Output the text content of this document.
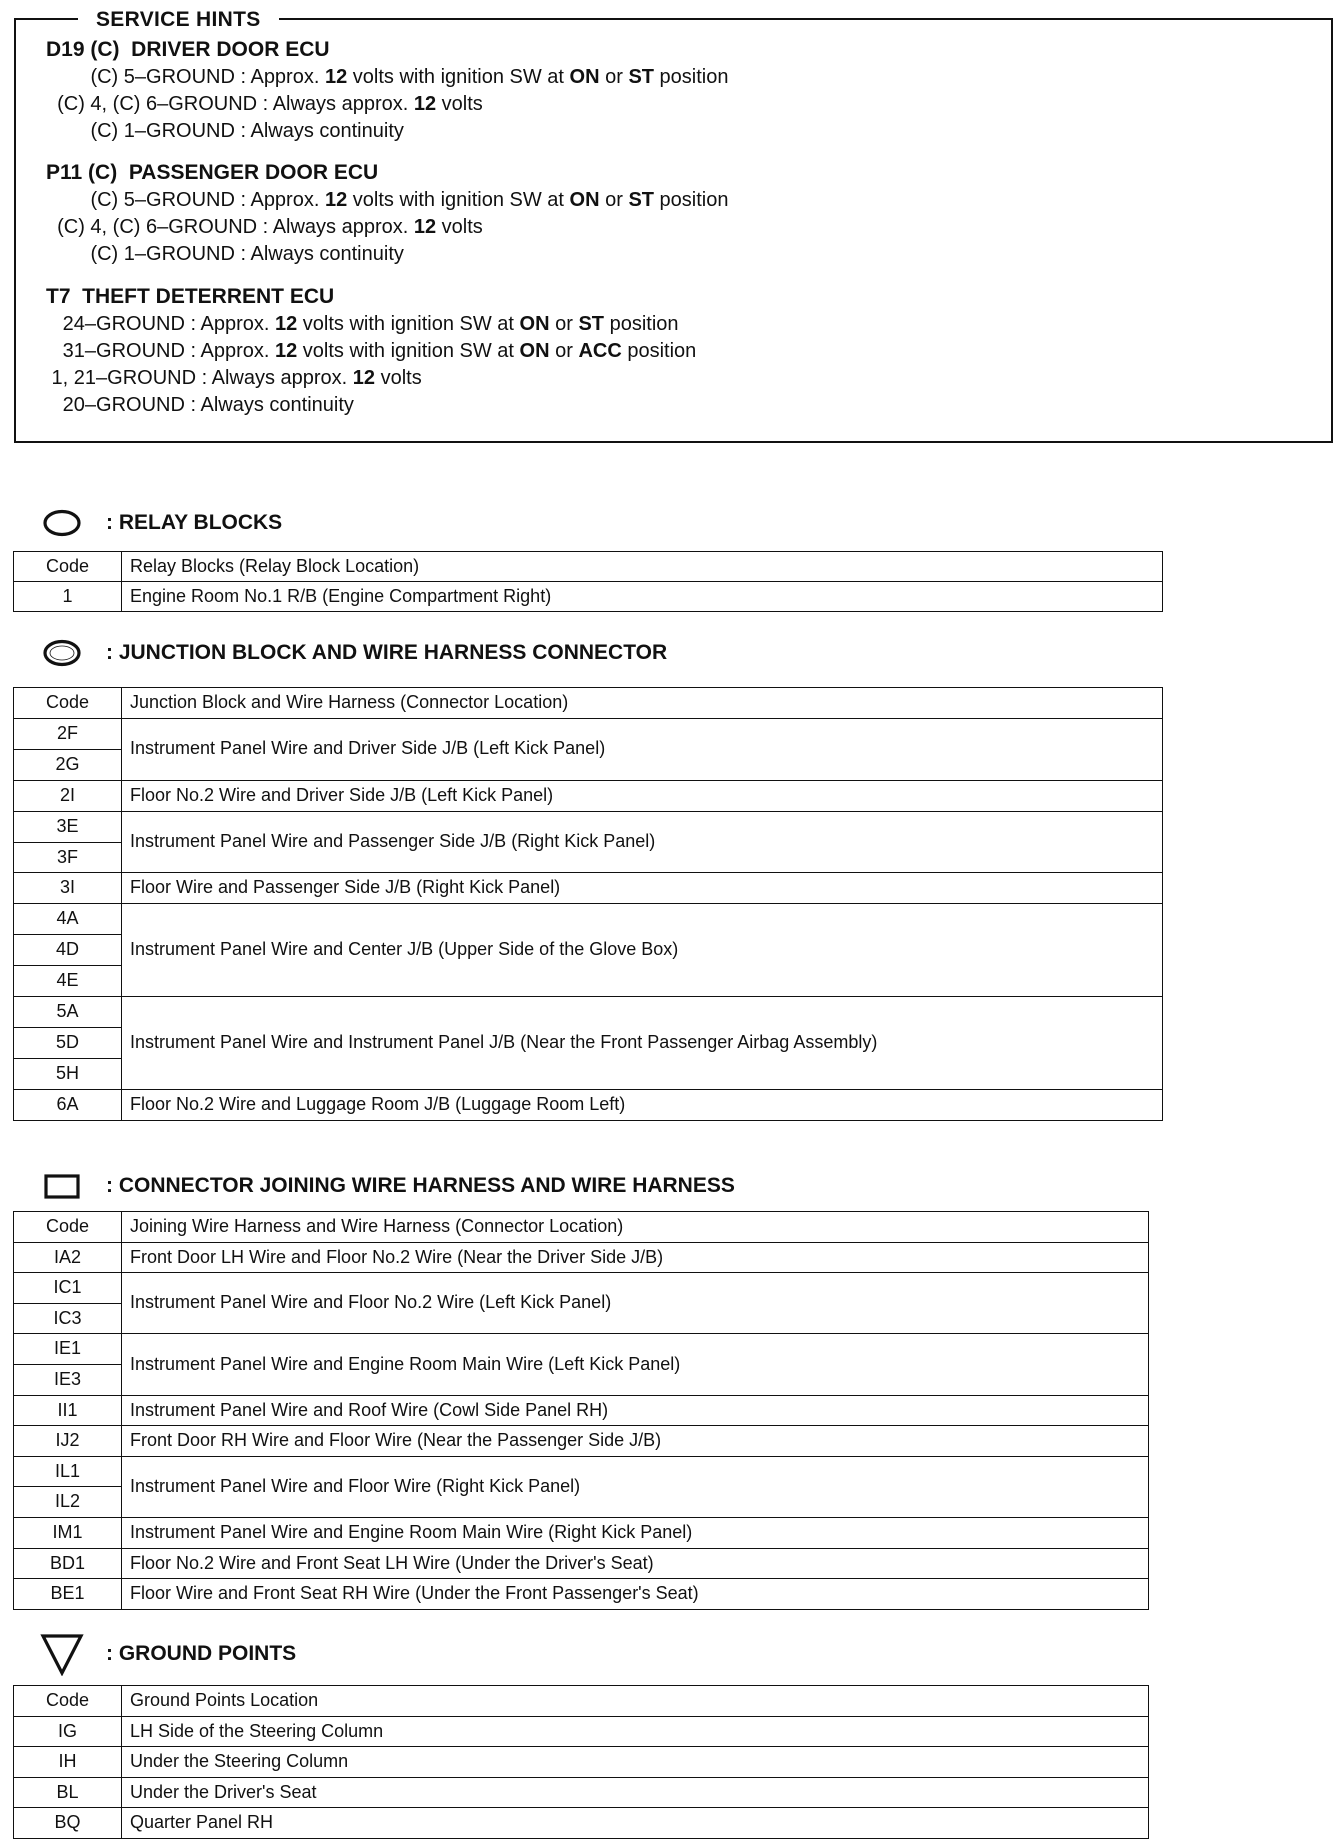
SERVICE HINTS
D19 (C)  DRIVER DOOR ECU
(C) 5–GROUND : Approx. 12 volts with ignition SW at ON or ST position
(C) 4, (C) 6–GROUND : Always approx. 12 volts
(C) 1–GROUND : Always continuity
P11 (C)  PASSENGER DOOR ECU
(C) 5–GROUND : Approx. 12 volts with ignition SW at ON or ST position
(C) 4, (C) 6–GROUND : Always approx. 12 volts
(C) 1–GROUND : Always continuity
T7  THEFT DETERRENT ECU
24–GROUND : Approx. 12 volts with ignition SW at ON or ST position
31–GROUND : Approx. 12 volts with ignition SW at ON or ACC position
1, 21–GROUND : Always approx. 12 volts
20–GROUND : Always continuity
: RELAY BLOCKS
Code	Relay Blocks (Relay Block Location)
1	Engine Room No.1 R/B (Engine Compartment Right)
: JUNCTION BLOCK AND WIRE HARNESS CONNECTOR
Code	Junction Block and Wire Harness (Connector Location)
2F	Instrument Panel Wire and Driver Side J/B (Left Kick Panel)
2G	
2I	Floor No.2 Wire and Driver Side J/B (Left Kick Panel)
3E	Instrument Panel Wire and Passenger Side J/B (Right Kick Panel)
3F	
3I	Floor Wire and Passenger Side J/B (Right Kick Panel)
4A	Instrument Panel Wire and Center J/B (Upper Side of the Glove Box)
4D	
4E	
5A	Instrument Panel Wire and Instrument Panel J/B (Near the Front Passenger Airbag Assembly)
5D	
5H	
6A	Floor No.2 Wire and Luggage Room J/B (Luggage Room Left)
: CONNECTOR JOINING WIRE HARNESS AND WIRE HARNESS
Code	Joining Wire Harness and Wire Harness (Connector Location)
IA2	Front Door LH Wire and Floor No.2 Wire (Near the Driver Side J/B)
IC1	Instrument Panel Wire and Floor No.2 Wire (Left Kick Panel)
IC3	
IE1	Instrument Panel Wire and Engine Room Main Wire (Left Kick Panel)
IE3	
II1	Instrument Panel Wire and Roof Wire (Cowl Side Panel RH)
IJ2	Front Door RH Wire and Floor Wire (Near the Passenger Side J/B)
IL1	Instrument Panel Wire and Floor Wire (Right Kick Panel)
IL2	
IM1	Instrument Panel Wire and Engine Room Main Wire (Right Kick Panel)
BD1	Floor No.2 Wire and Front Seat LH Wire (Under the Driver's Seat)
BE1	Floor Wire and Front Seat RH Wire (Under the Front Passenger's Seat)
: GROUND POINTS
Code	Ground Points Location
IG	LH Side of the Steering Column
IH	Under the Steering Column
BL	Under the Driver's Seat
BQ	Quarter Panel RH
